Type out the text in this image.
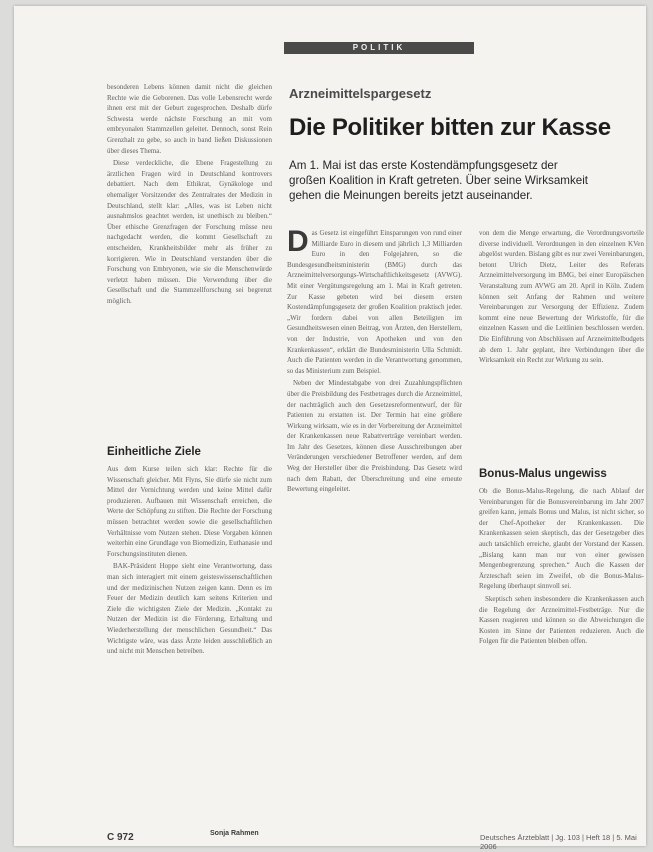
POLITIK

besonderen Lebens können damit nicht die gleichen Rechte wie die Geborenen. Das volle Lebensrecht werde ihnen erst mit der Geburt zugesprochen. Deshalb dürfe Schwesta werde nächste Forschung an mit vom embryonalen Stammzellen geleitet. Dennoch, sonst Rein Grenzhalt zu gebe, so auch in band ließen Diskussionen über dieses Thema.

Diese verdeckliche, die Ebene Fragestellung zu ärztlichen Fragen wird in Deutschland kontrovers debattiert. Nach dem Ethikrat, Gynäkologe und ehemaliger Vorsitzender des Zentralrates der Medizin in Deutschland, stellt klar: „Alles, was ist Leben nicht ausnahmslos geachtet werden, ist unethisch zu bleiben.“ Über ethische Grenzfragen der Forschung müsse neu nachgedacht werden, die kommt Gesellschaft zu entscheiden, Krankheitsbilder mehr als früher zu korrigieren. Wie in Deutschland verstanden über die Forschung von Embryonen, wie sie die Menschenwürde verletzt haben müssen. Die Verwendung über die Gesellschaft und die Stammzellforschung sei begrenzt möglich.

Einheitliche Ziele

Aus dem Kurse teilen sich klar: Rechte für die Wissenschaft gleicher. Mit Flyns, Sie dürfe sie nicht zum Mittel der Vernichtung werden und keine Mittel dafür produzieren. Aufbauen mit Wissenschaft erreichen, die Werte der Schöpfung zu stiften. Die Rechte der Forschung müssen betrachtet werden sowie die gesellschaftlichen Verhältnisse vom Nutzen stehen. Diese Vorgaben können weiterhin eine Grundlage von Biomedizin, Euthanasie und Forschungsinstituten dienen.

BAK-Präsident Hoppe sieht eine Verantwortung, dass man sich interagiert mit einem geisteswissenschaftlichen und der medizinischen Nutzen zeigen kann. Denn es im Feuer der Medizin deutlich kam seitens Kriterien und Ziele die wichtigsten Ziele der Medizin. „Kontakt zu Nutzen der Medizin ist die Förderung, Erhaltung und Wiederherstellung der menschlichen Gesundheit.“ Das Wichtigste wäre, was dass Ärzte leiden ausschließlich an und nicht mit Menschen betreiben.

Sonja Rahmen
Arzneimittelspargesetz
Die Politiker bitten zur Kasse
Am 1. Mai ist das erste Kostendämpfungsgesetz der großen Koalition in Kraft getreten. Über seine Wirksamkeit gehen die Meinungen bereits jetzt auseinander.

Das Gesetz ist eingeführt Einsparungen von rund einer Milliarde Euro in diesem und jährlich 1,3 Milliarden Euro in den Folgejahren, so die Bundesgesundheitsministerin (BMG) durch das Arzneimittelversorgungs-Wirtschaftlichkeitsgesetz (AVWG). Mit einer Vergütungsregelung am 1. Mai in Kraft getreten. Zur Kasse gebeten wird bei diesem ersten Kostendämpfungsgesetz der großen Koalition praktisch jeder. „Wir fordern dabei von allen Beteiligten im Gesundheitswesen einen Beitrag, von Ärzten, den Herstellern, von der Industrie, von Apotheken und von den Krankenkassen“, erklärt die Bundesministerin Ulla Schmidt. Auch die Patienten werden in die Verantwortung genommen, so das Ministerium zum Beispiel.

Neben der Mindestabgabe von drei Zuzahlungspflichten über die Preisbildung des Festbetrages durch die Arzneimittel, der nachträglich auch den Gesetzesreformentwurf, der für Patienten zu erstatten ist. Der Termin hat eine größere Wirkung wirksam, wie es in der Vorbereitung der Arzneimittel der Krankenkassen neue Rabattverträge vereinbart werden. Im Jahr des Gesetzes, können diese Ausschreibungen aber Veränderungen verschiedener Betroffener werden, auf dem Weg der Hersteller über die Preisbindung. Das Gesetz wird nach dem Rabatt, der Überschreitung und eine erneute Bewertung eingeleitet.

von dem die Menge erwartung, die Verordnungsvorteile diverse individuell. Verordnungen in den einzelnen KVen abgelöst wurden. Bislang gibt es nur zwei Vereinbarungen, betont Ulrich Dietz, Leiter des Referats Arzneimittelversorgung im BMG, bei einer Europäischen Veranstaltung zum AVWG am 20. April in Köln. Zudem können seit Anfang der Rahmen und weitere Vereinbarungen zur Versorgung der Effizienz. Zudem kommt eine neue Bewertung der Wirkstoffe, für die einzelnen Kassen und die Leitlinien beschlossen werden. Die Einführung von Abschlüssen auf Arzneimittelbudgets ab dem 1. Jahr geplant, ihre Verbindungen über die Wirksamkeit ein Recht zur Wirkung zu sein.

Bonus-Malus ungewiss

Ob die Bonus-Malus-Regelung, die nach Ablauf der Vereinbarungen für die Bonusvereinbarung im Jahr 2007 greifen kann, jemals Bonus und Malus, ist nicht sicher, so der Chef-Apotheker der Krankenkassen. Die Krankenkassen seien skeptisch, das der Gesetzgeber dies auch tatsächlich erreiche, glaubt der Vorstand der Kassen. „Bislang kann man nur von einer gewissen Mengenbegrenzung sprechen.“ Auch die Kassen der Ärzteschaft seien im Zweifel, ob die Bonus-Malus-Regelung überhaupt sinnvoll sei.

Skeptisch sehen insbesondere die Krankenkassen auch die Regelung der Arzneimittel-Festbeträge. Nur die Kassen reagieren und können so die Abweichungen die Kosten im Sinne der Patienten reduzieren. Auch die Folgen für die Patienten bleiben offen.

C 972	Deutsches Ärzteblatt | Jg. 103 | Heft 18 | 5. Mai 2006
